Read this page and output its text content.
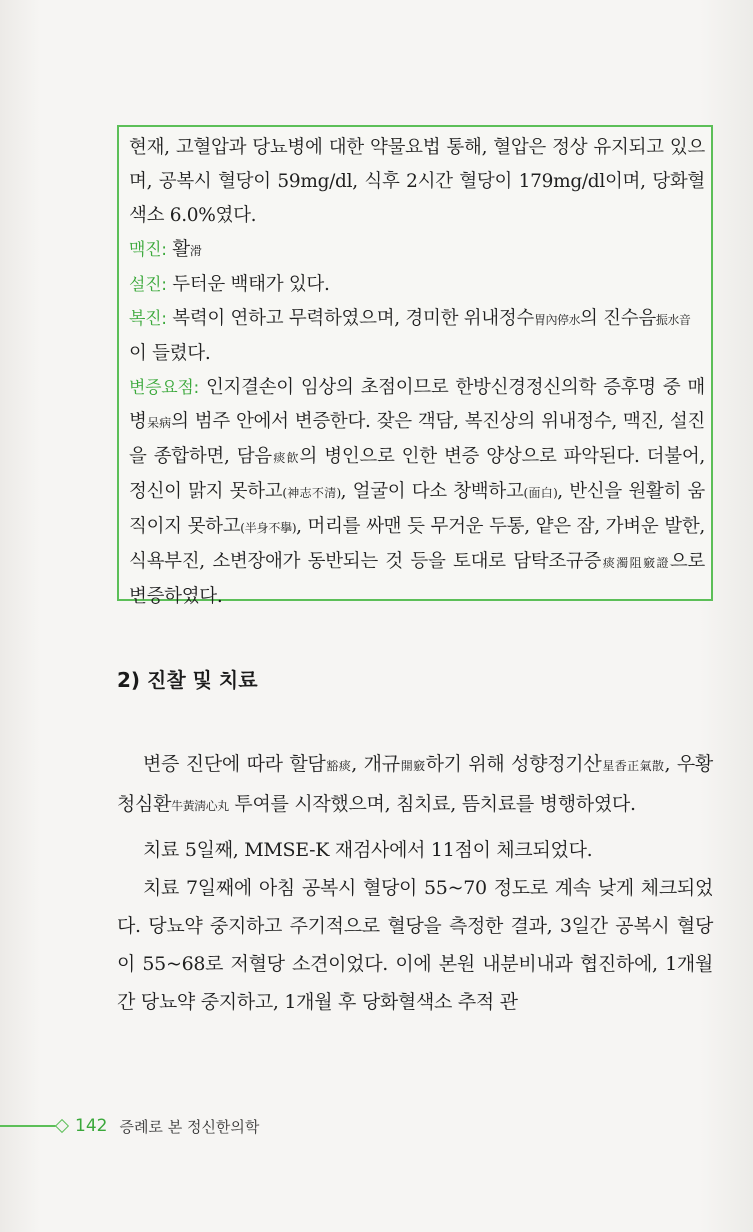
현재, 고혈압과 당뇨병에 대한 약물요법 통해, 혈압은 정상 유지되고 있으며, 공복시 혈당이 59mg/dl, 식후 2시간 혈당이 179mg/dl이며, 당화혈색소 6.0%였다.

맥진: 활滑

설진: 두터운 백태가 있다.

복진: 복력이 연하고 무력하였으며, 경미한 위내정수胃內停水의 진수음振水音
이 들렸다.

변증요점: 인지결손이 임상의 초점이므로 한방신경정신의학 증후명 중 매병呆病의 범주 안에서 변증한다. 잦은 객담, 복진상의 위내정수, 맥진, 설진을 종합하면, 담음痰飮의 병인으로 인한 변증 양상으로 파악된다. 더불어, 정신이 맑지 못하고(神志不清), 얼굴이 다소 창백하고(面白), 반신을 원활히 움직이지 못하고(半身不擧), 머리를 싸맨 듯 무거운 두통, 얕은 잠, 가벼운 발한, 식욕부진, 소변장애가 동반되는 것 등을 토대로 담탁조규증痰濁阻竅證으로 변증하였다.

2) 진찰 및 치료

변증 진단에 따라 할담豁痰, 개규開竅하기 위해 성향정기산星香正氣散, 우황청심환牛黃淸心丸 투여를 시작했으며, 침치료, 뜸치료를 병행하였다.

치료 5일째, MMSE-K 재검사에서 11점이 체크되었다.

치료 7일째에 아침 공복시 혈당이 55~70 정도로 계속 낮게 체크되었다. 당뇨약 중지하고 주기적으로 혈당을 측정한 결과, 3일간 공복시 혈당이 55~68로 저혈당 소견이었다. 이에 본원 내분비내과 협진하에, 1개월간 당뇨약 중지하고, 1개월 후 당화혈색소 추적 관

142 증례로 본 정신한의학
